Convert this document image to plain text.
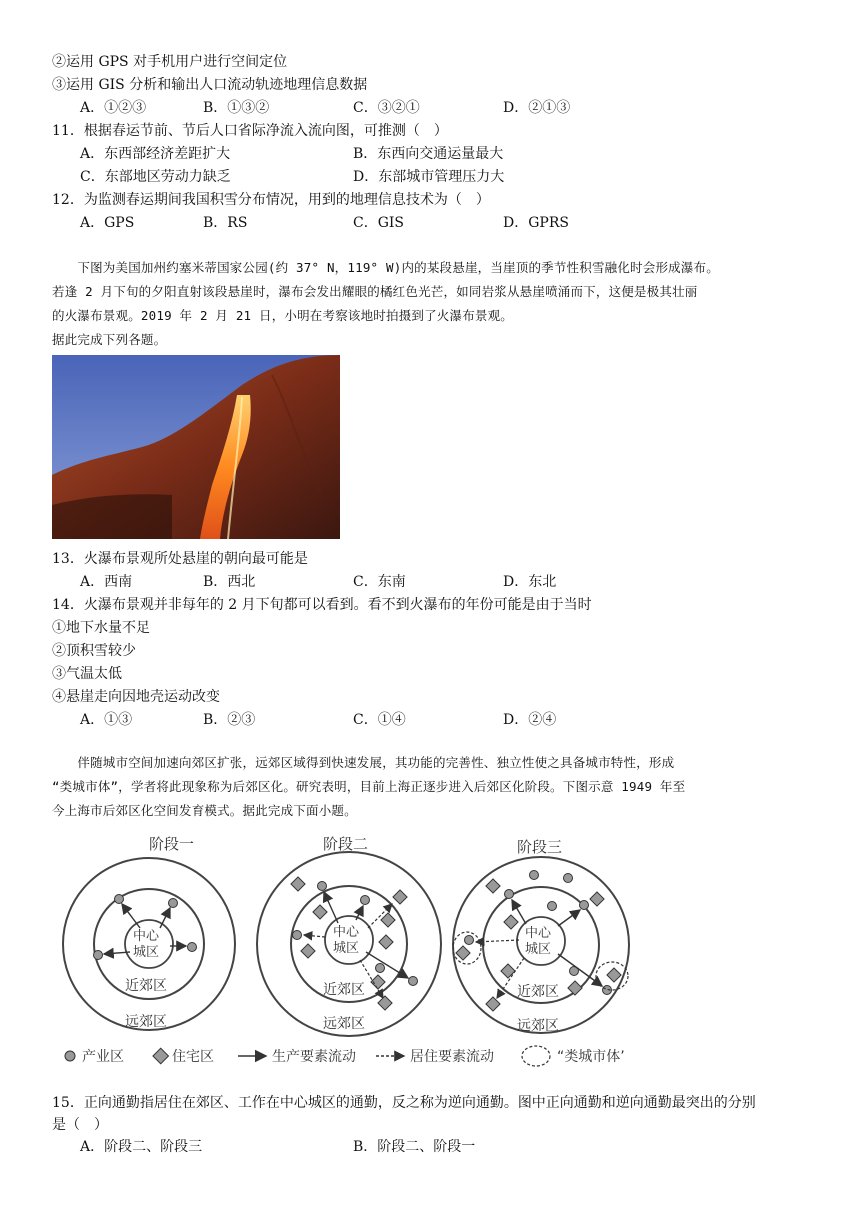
②运用 GPS 对手机用户进行空间定位
③运用 GIS 分析和输出人口流动轨迹地理信息数据
A．①②③	B．①③②	C．③②①	D．②①③
11．根据春运节前、节后人口省际净流入流向图，可推测（　）
A．东西部经济差距扩大	B．东西向交通运量最大
C．东部地区劳动力缺乏	D．东部城市管理压力大
12．为监测春运期间我国积雪分布情况，用到的地理信息技术为（　）
A．GPS	B．RS	C．GIS	D．GPRS
　　下图为美国加州约塞米蒂国家公园(约 37° N，119° W)内的某段悬崖，当崖顶的季节性积雪融化时会形成瀑布。
若逢 2 月下旬的夕阳直射该段悬崖时，瀑布会发出耀眼的橘红色光芒，如同岩浆从悬崖喷涌而下，这便是极其壮丽
的火瀑布景观。2019 年 2 月 21 日，小明在考察该地时拍摄到了火瀑布景观。
据此完成下列各题。
13．火瀑布景观所处悬崖的朝向最可能是
A．西南	B．西北	C．东南	D．东北
14．火瀑布景观并非每年的 2 月下旬都可以看到。看不到火瀑布的年份可能是由于当时
①地下水量不足
②顶积雪较少
③气温太低
④悬崖走向因地壳运动改变
A．①③	B．②③	C．①④	D．②④
　　伴随城市空间加速向郊区扩张，远郊区域得到快速发展，其功能的完善性、独立性使之具备城市特性，形成
“类城市体”，学者将此现象称为后郊区化。研究表明，目前上海正逐步进入后郊区化阶段。下图示意 1949 年至
今上海市后郊区化空间发育模式。据此完成下面小题。
阶段一
中心
城区
近郊区
远郊区
阶段二
中心
城区
近郊区
远郊区
阶段三
中心
城区
近郊区
远郊区
产业区	住宅区	生产要素流动	居住要素流动	“类城市体’
15．正向通勤指居住在郊区、工作在中心城区的通勤，反之称为逆向通勤。图中正向通勤和逆向通勤最突出的分别
是（　）
A．阶段二、阶段三	B．阶段二、阶段一
